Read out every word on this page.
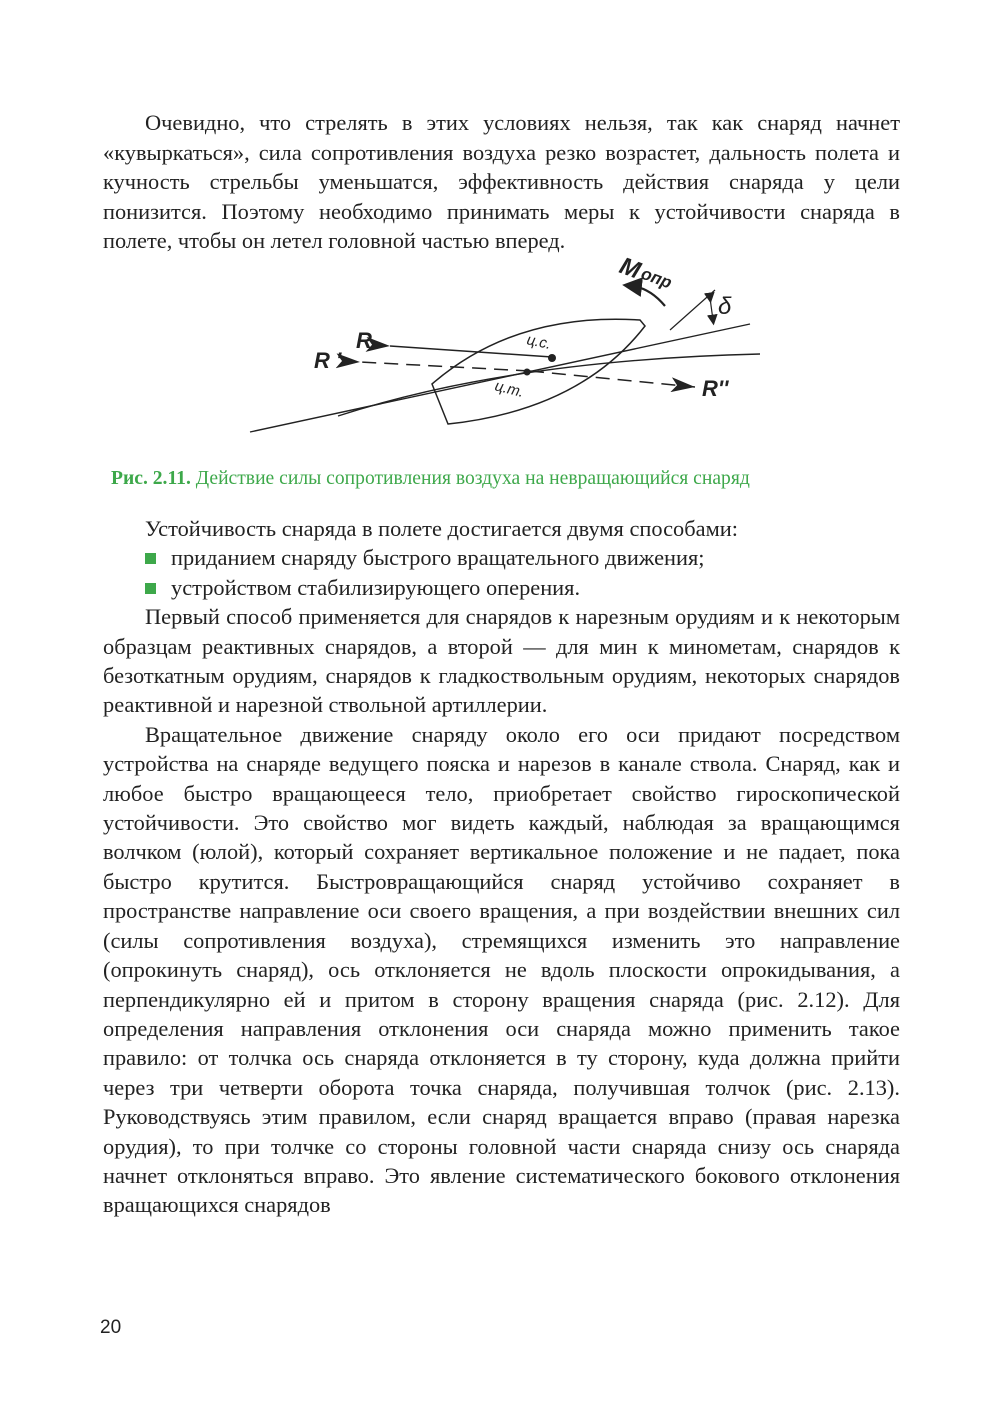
Очевидно, что стрелять в этих условиях нельзя, так как снаряд начнет «кувыркаться», сила сопротивления воздуха резко возрастет, дальность полета и кучность стрельбы уменьшатся, эффективность действия снаряда у цели понизится. Поэтому необходимо принимать меры к устойчивости снаряда в полете, чтобы он летел головной частью вперед.

M
опр
δ
R
R '
R''
ц.с.
ц.т.
Рис. 2.11. Действие силы сопротивления воздуха на невращающийся снаряд

Устойчивость снаряда в полете достигается двумя способами:

приданием снаряду быстрого вращательного движения;

устройством стабилизирующего оперения.

Первый способ применяется для снарядов к нарезным орудиям и к некоторым образцам реактивных снарядов, а второй — для мин к минометам, снарядов к безоткатным орудиям, снарядов к гладкоствольным орудиям, некоторых снарядов реактивной и нарезной ствольной артиллерии.

Вращательное движение снаряду около его оси придают посредством устройства на снаряде ведущего пояска и нарезов в канале ствола. Снаряд, как и любое быстро вращающееся тело, приобретает свойство гироскопической устойчивости. Это свойство мог видеть каждый, наблюдая за вращающимся волчком (юлой), который сохраняет вертикальное положение и не падает, пока быстро крутится. Быстровращающийся снаряд устойчиво сохраняет в пространстве направление оси своего вращения, а при воздействии внешних сил (силы сопротивления воздуха), стремящихся изменить это направление (опрокинуть снаряд), ось отклоняется не вдоль плоскости опрокидывания, а перпендикулярно ей и притом в сторону вращения снаряда (рис. 2.12). Для определения направления отклонения оси снаряда можно применить такое правило: от толчка ось снаряда отклоняется в ту сторону, куда должна прийти через три четверти оборота точка снаряда, получившая толчок (рис. 2.13). Руководствуясь этим правилом, если снаряд вращается вправо (правая нарезка орудия), то при толчке со стороны головной части снаряда снизу ось снаряда начнет отклоняться вправо. Это явление систематического бокового отклонения вращающихся снарядов

20
